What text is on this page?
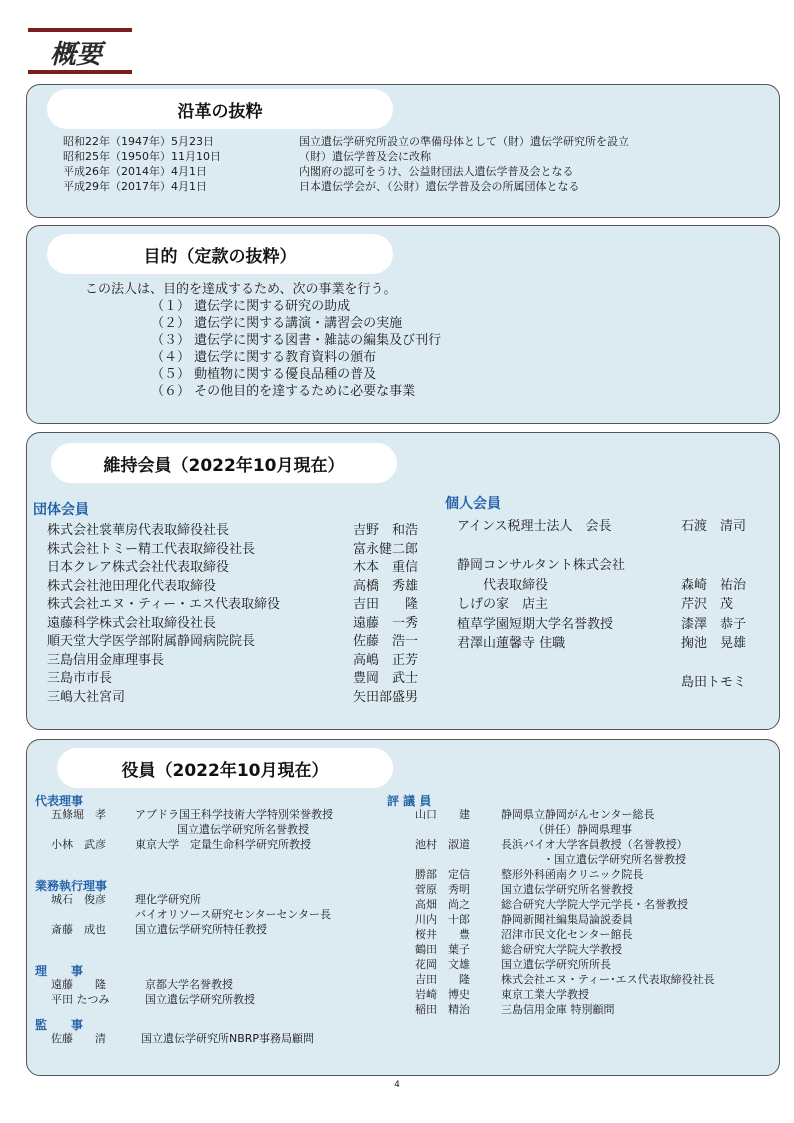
概要
沿革の抜粋
昭和22年（1947年）5月23日	国立遺伝学研究所設立の準備母体として（財）遺伝学研究所を設立
昭和25年（1950年）11月10日	（財）遺伝学普及会に改称
平成26年（2014年）4月1日	内閣府の認可をうけ、公益財団法人遺伝学普及会となる
平成29年（2017年）4月1日	日本遺伝学会が、（公財）遺伝学普及会の所属団体となる
目的（定款の抜粋）
この法人は、目的を達成するため、次の事業を行う。
（１） 遺伝学に関する研究の助成
（２） 遺伝学に関する講演・講習会の実施
（３） 遺伝学に関する図書・雑誌の編集及び刊行
（４） 遺伝学に関する教育資料の頒布
（５） 動植物に関する優良品種の普及
（６） その他目的を達するために必要な事業
維持会員（2022年10月現在）
団体会員	個人会員
株式会社裳華房代表取締役社長	吉野　和浩
株式会社トミー精工代表取締役社長	富永健二郎
日本クレア株式会社代表取締役	木本　重信
株式会社池田理化代表取締役	高橋　秀雄
株式会社エヌ・ティー・エス代表取締役	吉田　　隆
遠藤科学株式会社取締役社長	遠藤　一秀
順天堂大学医学部附属静岡病院院長	佐藤　浩一
三島信用金庫理事長	高嶋　正芳
三島市市長	豊岡　武士
三嶋大社宮司	矢田部盛男
アインス税理士法人　会長	石渡　清司
静岡コンサルタント株式会社
　　代表取締役	森崎　祐治
しげの家　店主	芹沢　茂
植草学園短期大学名誉教授	漆澤　恭子
君澤山蓮馨寺 住職	掬池　晃雄
島田トモミ
役員（2022年10月現在）
代表理事
五條堀　孝	アブドラ国王科学技術大学特別栄誉教授
国立遺伝学研究所名誉教授
小林　武彦	東京大学　定量生命科学研究所教授
業務執行理事
城石　俊彦	理化学研究所
バイオリソース研究センターセンター長
斎藤　成也	国立遺伝学研究所特任教授
理　　事
遠藤　　隆	京都大学名誉教授
平田 たつみ	国立遺伝学研究所教授
監　　事
佐藤　　清	国立遺伝学研究所NBRP事務局顧問
評 議 員
山口　　建	静岡県立静岡がんセンター総長
（併任）静岡県理事
池村　淑道	長浜バイオ大学客員教授（名誉教授）
・国立遺伝学研究所名誉教授
勝部　定信	整形外科函南クリニック院長
菅原　秀明	国立遺伝学研究所名誉教授
高畑　尚之	総合研究大学院大学元学長・名誉教授
川内　十郎	静岡新聞社編集局論説委員
桜井　　豊	沼津市民文化センター館長
鶴田　葉子	総合研究大学院大学教授
花岡　文雄	国立遺伝学研究所所長
吉田　　隆	株式会社エヌ・ティー･エス代表取締役社長
岩崎　博史	東京工業大学教授
稲田　精治	三島信用金庫 特別顧問
4
